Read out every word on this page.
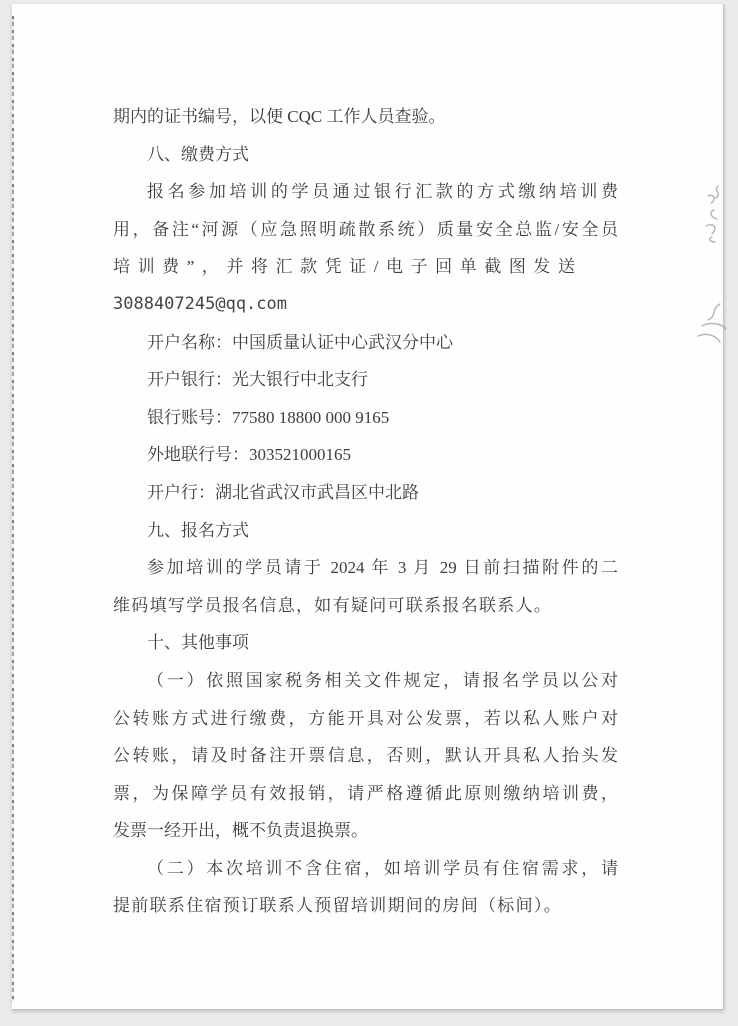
期内的证书编号，以便 CQC 工作人员查验。
八、缴费方式
报名参加培训的学员通过银行汇款的方式缴纳培训费
用，备注“河源（应急照明疏散系统）质量安全总监/安全员
培训费”，并将汇款凭证/电子回单截图发送
3088407245@qq.com
开户名称：中国质量认证中心武汉分中心
开户银行：光大银行中北支行
银行账号：77580 18800 000 9165
外地联行号：303521000165
开户行：湖北省武汉市武昌区中北路
九、报名方式
参加培训的学员请于 2024 年 3 月 29 日前扫描附件的二
维码填写学员报名信息，如有疑问可联系报名联系人。
十、其他事项
（一）依照国家税务相关文件规定，请报名学员以公对
公转账方式进行缴费，方能开具对公发票，若以私人账户对
公转账，请及时备注开票信息，否则，默认开具私人抬头发
票，为保障学员有效报销，请严格遵循此原则缴纳培训费，
发票一经开出，概不负责退换票。
（二）本次培训不含住宿，如培训学员有住宿需求，请
提前联系住宿预订联系人预留培训期间的房间（标间）。
